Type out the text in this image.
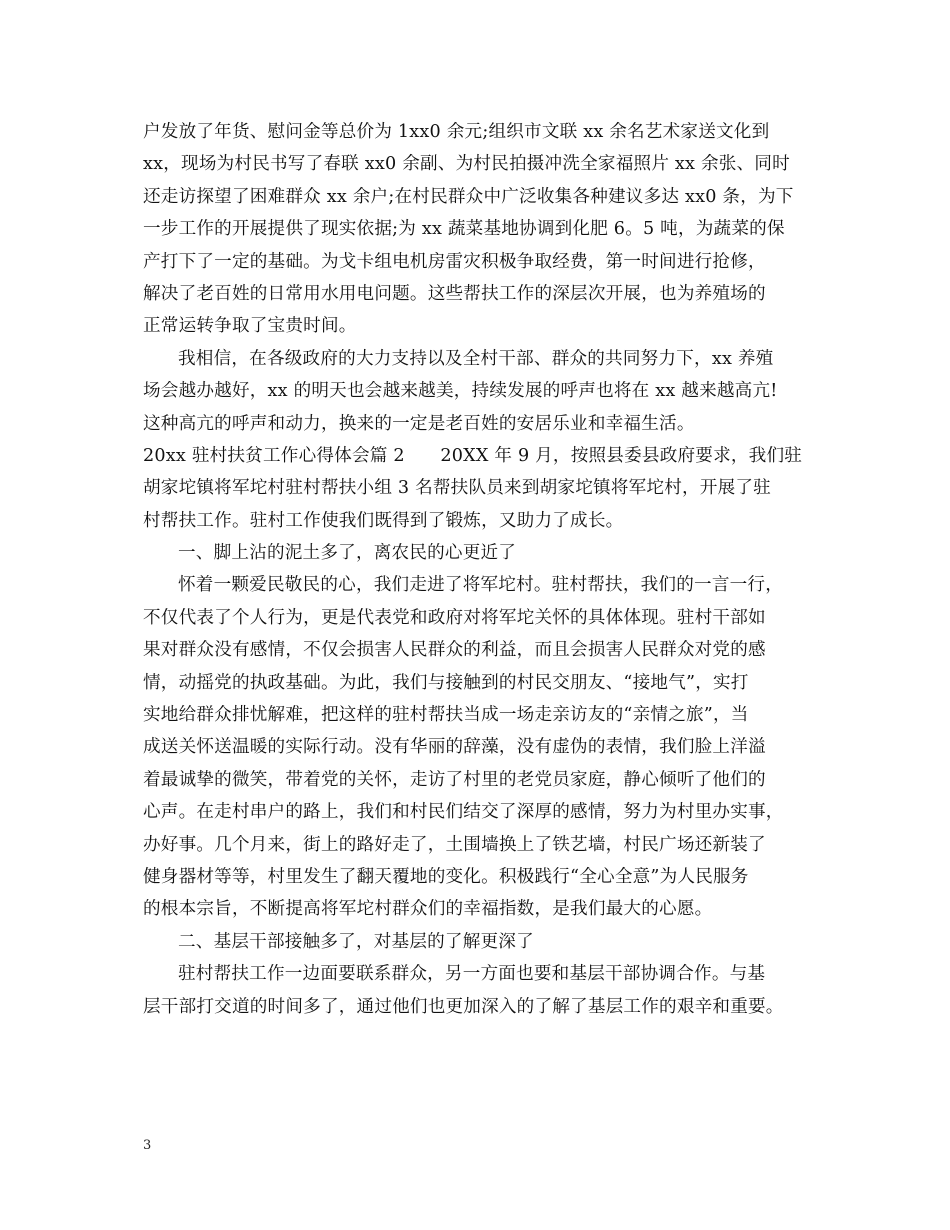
户发放了年货、慰问金等总价为 1xx0 余元;组织市文联 xx 余名艺术家送文化到
xx，现场为村民书写了春联 xx0 余副、为村民拍摄冲洗全家福照片 xx 余张、同时
还走访探望了困难群众 xx 余户;在村民群众中广泛收集各种建议多达 xx0 条，为下
一步工作的开展提供了现实依据;为 xx 蔬菜基地协调到化肥 6。5 吨，为蔬菜的保
产打下了一定的基础。为戈卡组电机房雷灾积极争取经费，第一时间进行抢修，
解决了老百姓的日常用水用电问题。这些帮扶工作的深层次开展，也为养殖场的
正常运转争取了宝贵时间。
我相信，在各级政府的大力支持以及全村干部、群众的共同努力下，xx 养殖
场会越办越好，xx 的明天也会越来越美，持续发展的呼声也将在 xx 越来越高亢!
这种高亢的呼声和动力，换来的一定是老百姓的安居乐业和幸福生活。
20xx 驻村扶贫工作心得体会篇 2　　20XX 年 9 月，按照县委县政府要求，我们驻
胡家坨镇将军坨村驻村帮扶小组 3 名帮扶队员来到胡家坨镇将军坨村，开展了驻
村帮扶工作。驻村工作使我们既得到了锻炼，又助力了成长。
一、脚上沾的泥土多了，离农民的心更近了
怀着一颗爱民敬民的心，我们走进了将军坨村。驻村帮扶，我们的一言一行，
不仅代表了个人行为，更是代表党和政府对将军坨关怀的具体体现。驻村干部如
果对群众没有感情，不仅会损害人民群众的利益，而且会损害人民群众对党的感
情，动摇党的执政基础。为此，我们与接触到的村民交朋友、“接地气”，实打
实地给群众排忧解难，把这样的驻村帮扶当成一场走亲访友的“亲情之旅”，当
成送关怀送温暖的实际行动。没有华丽的辞藻，没有虚伪的表情，我们脸上洋溢
着最诚挚的微笑，带着党的关怀，走访了村里的老党员家庭，静心倾听了他们的
心声。在走村串户的路上，我们和村民们结交了深厚的感情，努力为村里办实事，
办好事。几个月来，街上的路好走了，土围墙换上了铁艺墙，村民广场还新装了
健身器材等等，村里发生了翻天覆地的变化。积极践行“全心全意”为人民服务
的根本宗旨，不断提高将军坨村群众们的幸福指数，是我们最大的心愿。
二、基层干部接触多了，对基层的了解更深了
驻村帮扶工作一边面要联系群众，另一方面也要和基层干部协调合作。与基
层干部打交道的时间多了，通过他们也更加深入的了解了基层工作的艰辛和重要。
3
